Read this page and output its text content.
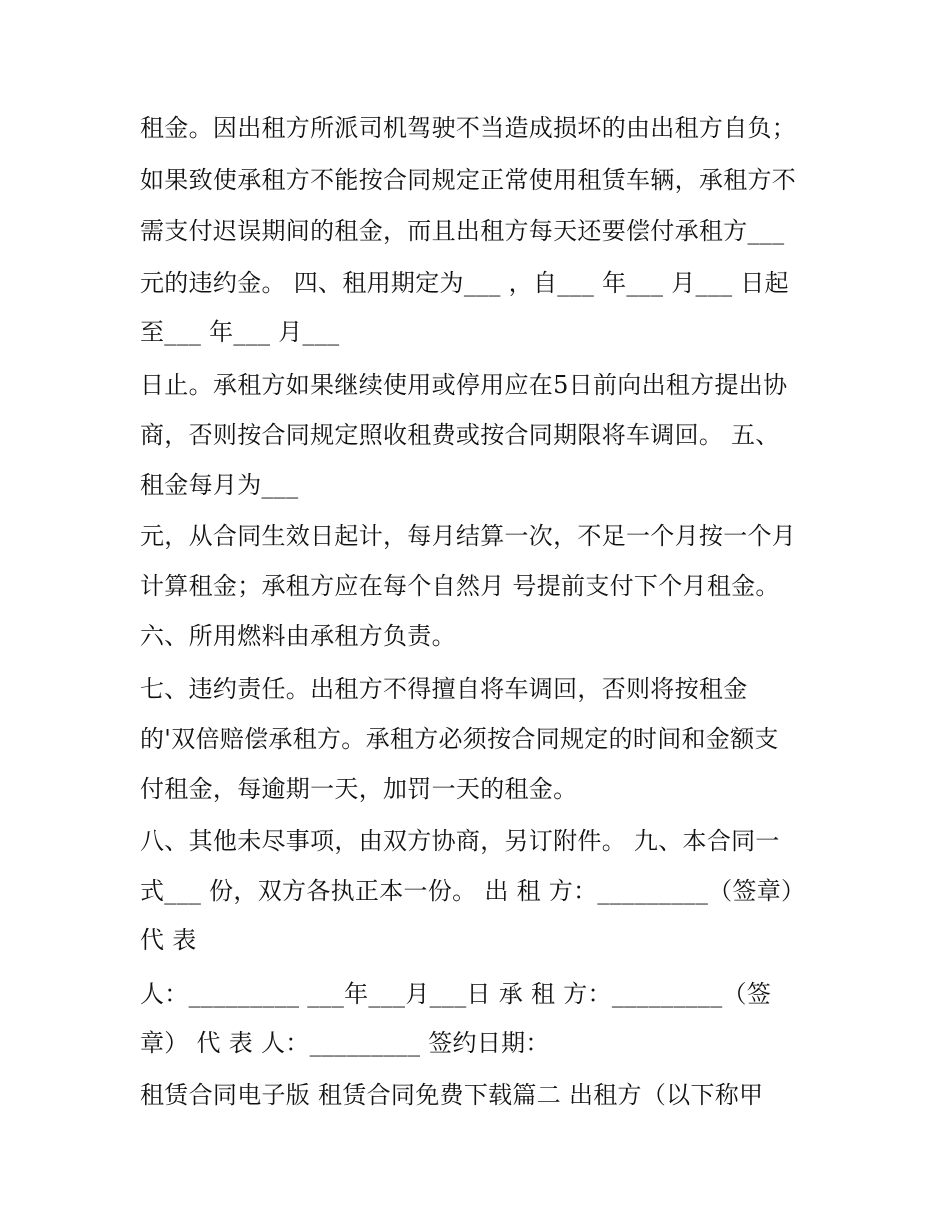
租金。因出租方所派司机驾驶不当造成损坏的由出租方自负；
如果致使承租方不能按合同规定正常使用租赁车辆，承租方不
需支付迟误期间的租金，而且出租方每天还要偿付承租方___
元的违约金。 四、租用期定为___ ，自___ 年___ 月___ 日起
至___ 年___ 月___
日止。承租方如果继续使用或停用应在5日前向出租方提出协
商，否则按合同规定照收租费或按合同期限将车调回。 五、
租金每月为___
元，从合同生效日起计，每月结算一次，不足一个月按一个月
计算租金；承租方应在每个自然月 号提前支付下个月租金。
六、所用燃料由承租方负责。
七、违约责任。出租方不得擅自将车调回，否则将按租金
的'双倍赔偿承租方。承租方必须按合同规定的时间和金额支
付租金，每逾期一天，加罚一天的租金。
八、其他未尽事项，由双方协商，另订附件。 九、本合同一
式___ 份，双方各执正本一份。 出 租 方：_________（签章）
代 表
人：_________ ___年___月___日 承 租 方：_________（签
章） 代 表 人：_________ 签约日期：
租赁合同电子版 租赁合同免费下载篇二 出租方（以下称甲
